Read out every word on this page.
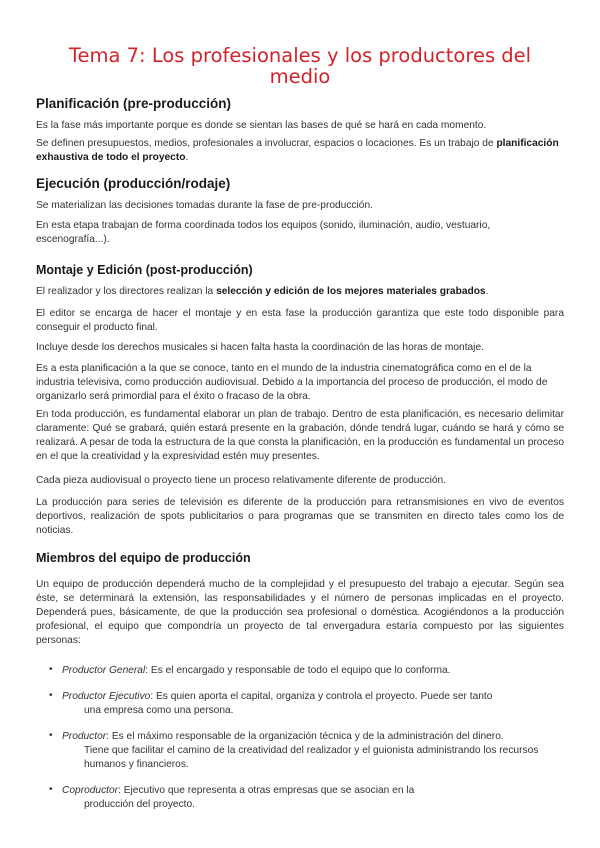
Tema 7: Los profesionales y los productores del medio
Planificación (pre-producción)

Es la fase más importante porque es donde se sientan las bases de qué se hará en cada momento.

Se definen presupuestos, medios, profesionales a involucrar, espacios o locaciones. Es un trabajo de planificación exhaustiva de todo el proyecto.

Ejecución (producción/rodaje)

Se materializan las decisiones tomadas durante la fase de pre-producción.

En esta etapa trabajan de forma coordinada todos los equipos (sonido, iluminación, audio, vestuario, escenografía...).

Montaje y Edición (post-producción)

El realizador y los directores realizan la selección y edición de los mejores materiales grabados.

El editor se encarga de hacer el montaje y en esta fase la producción garantiza que este todo disponible para conseguir el producto final.

Incluye desde los derechos musicales si hacen falta hasta la coordinación de las horas de montaje.

Es a esta planificación a la que se conoce, tanto en el mundo de la industria cinematográfica como en el de la industria televisiva, como producción audiovisual. Debido a la importancia del proceso de producción, el modo de organizarlo será primordial para el éxito o fracaso de la obra.

En toda producción, es fundamental elaborar un plan de trabajo. Dentro de esta planificación, es necesario delimitar claramente: Qué se grabará, quién estará presente en la grabación, dónde tendrá lugar, cuándo se hará y cómo se realizará. A pesar de toda la estructura de la que consta la planificación, en la producción es fundamental un proceso en el que la creatividad y la expresividad estén muy presentes.

Cada pieza audiovisual o proyecto tiene un proceso relativamente diferente de producción.

La producción para series de televisión es diferente de la producción para retransmisiones en vivo de eventos deportivos, realización de spots publicitarios o para programas que se transmiten en directo tales como los de noticias.

Miembros del equipo de producción

Un equipo de producción dependerá mucho de la complejidad y el presupuesto del trabajo a ejecutar. Según sea éste, se determinará la extensión, las responsabilidades y el número de personas implicadas en el proyecto. Dependerá pues, básicamente, de que la producción sea profesional o doméstica. Acogiéndonos a la producción profesional, el equipo que compondría un proyecto de tal envergadura estaría compuesto por las siguientes personas:

• Productor General: Es el encargado y responsable de todo el equipo que lo conforma.

• Productor Ejecutivo: Es quien aporta el capital, organiza y controla el proyecto. Puede ser tanto
una empresa como una persona.

• Productor: Es el máximo responsable de la organización técnica y de la administración del dinero.
Tiene que facilitar el camino de la creatividad del realizador y el guionista administrando los recursos humanos y financieros.

• Coproductor: Ejecutivo que representa a otras empresas que se asocian en la
producción del proyecto.
